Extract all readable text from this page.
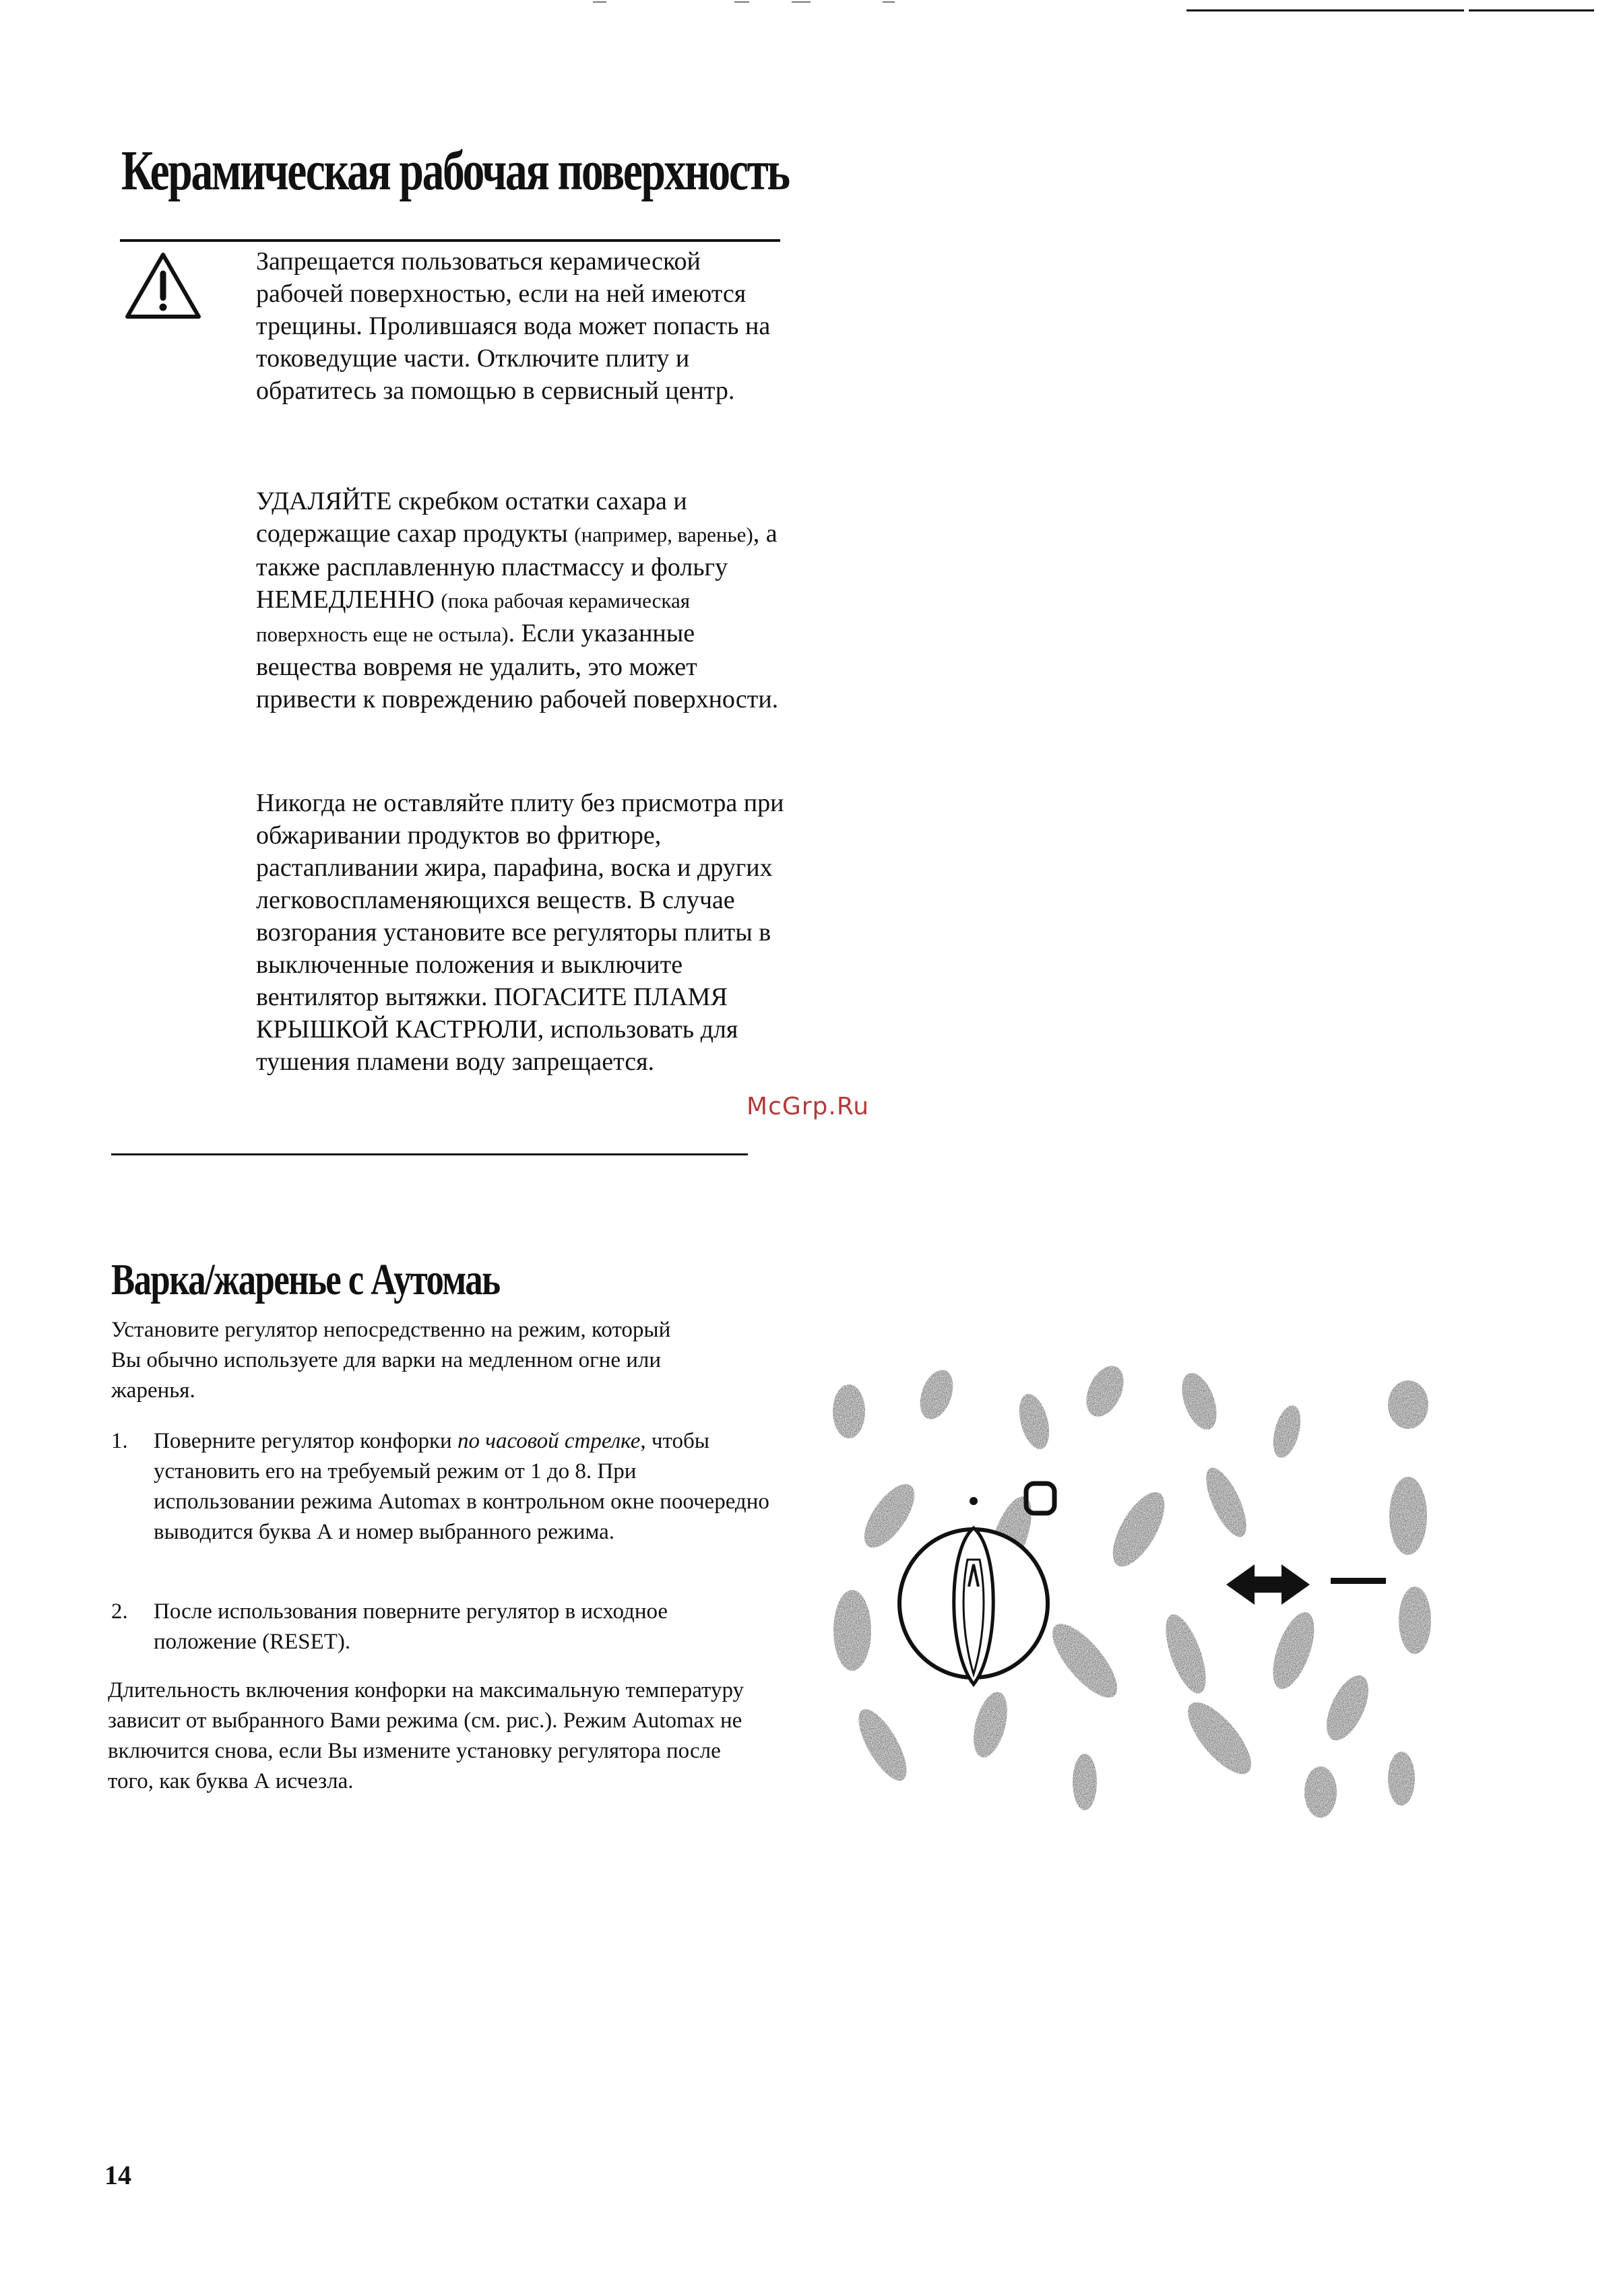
Керамическая рабочая поверхность
Запрещается пользоваться керамической рабочей поверхностью, если на ней имеются трещины. Пролившаяся вода может попасть на токоведущие части. Отключите плиту и обратитесь за помощью в сервисный центр.
УДАЛЯЙТЕ скребком остатки сахара и содержащие сахар продукты (например, варенье), а также расплавленную пластмассу и фольгу НЕМЕДЛЕННО (пока рабочая керамическая поверхность еще не остыла). Если указанные вещества вовремя не удалить, это может привести к повреждению рабочей поверхности.
Никогда не оставляйте плиту без присмотра при обжаривании продуктов во фритюре, растапливании жира, парафина, воска и других легковоспламеняющихся веществ. В случае возгорания установите все регуляторы плиты в выключенные положения и выключите вентилятор вытяжки. ПОГАСИТЕ ПЛАМЯ КРЫШКОЙ КАСТРЮЛИ, использовать для тушения пламени воду запрещается.
McGrp.Ru
Варка/жаренье с Аутомаь
Установите регулятор непосредственно на режим, который Вы обычно используете для варки на медленном огне или жаренья.
1. Поверните регулятор конфорки по часовой стрелке, чтобы установить его на требуемый режим от 1 до 8. При использовании режима Automax в контрольном окне поочередно выводится буква А и номер выбранного режима.
2. После использования поверните регулятор в исходное положение (RESET).
Длительность включения конфорки на максимальную температуру зависит от выбранного Вами режима (см. рис.). Режим Automax не включится снова, если Вы измените установку регулятора после того, как буква А исчезла.
14
